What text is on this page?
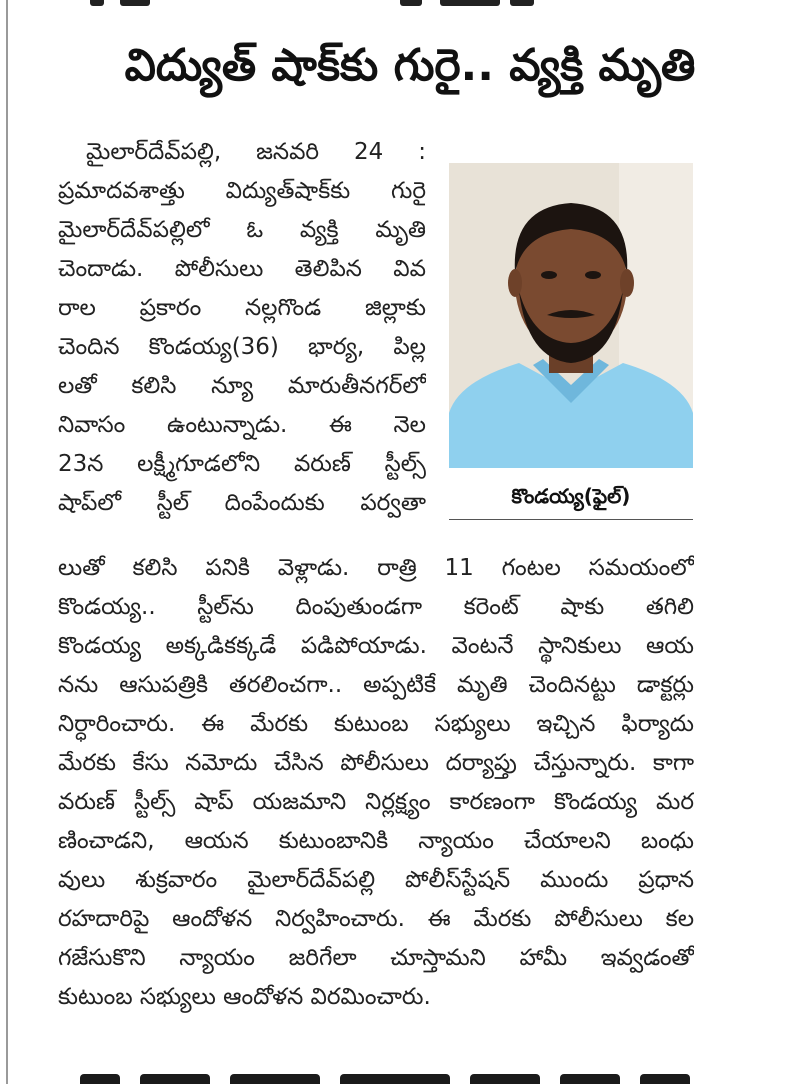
విద్యుత్ షాక్‌కు గురై.. వ్యక్తి మృతి
మైలార్‌దేవ్‌పల్లి, జనవరి 24 :
ప్రమాదవశాత్తు విద్యుత్‌షాక్‌కు గురై
మైలార్‌దేవ్‌పల్లిలో ఓ వ్యక్తి మృతి
చెందాడు. పోలీసులు తెలిపిన వివ
రాల ప్రకారం నల్లగొండ జిల్లాకు
చెందిన కొండయ్య(36) భార్య, పిల్ల
లతో కలిసి న్యూ మారుతీనగర్‌లో
నివాసం ఉంటున్నాడు. ఈ నెల
23న లక్ష్మీగూడలోని వరుణ్ స్టీల్స్
షాప్‌లో స్టీల్ దింపేందుకు పర్వతా	కొండయ్య(ఫైల్)
లుతో కలిసి పనికి వెళ్లాడు. రాత్రి 11 గంటల సమయంలో
కొండయ్య.. స్టీల్‌ను దింపుతుండగా కరెంట్ షాకు తగిలి
కొండయ్య అక్కడికక్కడే పడిపోయాడు. వెంటనే స్థానికులు ఆయ
నను ఆసుపత్రికి తరలించగా.. అప్పటికే మృతి చెందినట్టు డాక్టర్లు
నిర్ధారించారు. ఈ మేరకు కుటుంబ సభ్యులు ఇచ్చిన ఫిర్యాదు
మేరకు కేసు నమోదు చేసిన పోలీసులు దర్యాప్తు చేస్తున్నారు. కాగా
వరుణ్ స్టీల్స్ షాప్ యజమాని నిర్లక్ష్యం కారణంగా కొండయ్య మర
ణించాడని, ఆయన కుటుంబానికి న్యాయం చేయాలని బంధు
వులు శుక్రవారం మైలార్‌దేవ్‌పల్లి పోలీస్‌స్టేషన్ ముందు ప్రధాన
రహదారిపై ఆందోళన నిర్వహించారు. ఈ మేరకు పోలీసులు కల
గజేసుకొని న్యాయం జరిగేలా చూస్తామని హామీ ఇవ్వడంతో
కుటుంబ సభ్యులు ఆందోళన విరమించారు.
